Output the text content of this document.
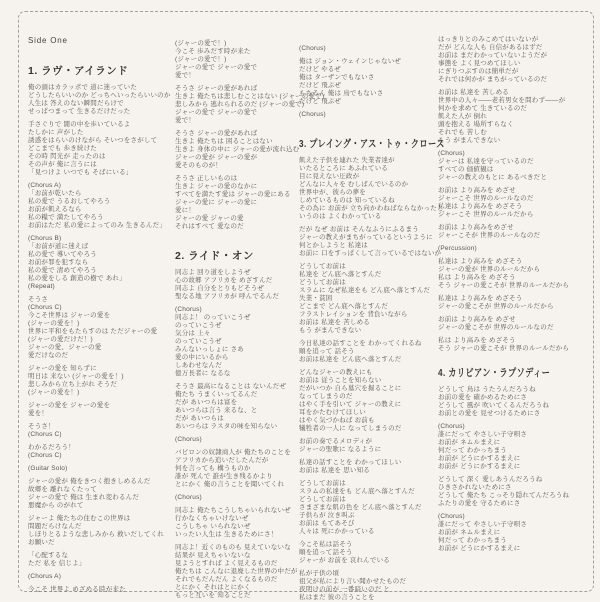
Side One
1. ラヴ・アイランド
俺の頭はカラッポで 道に迷っていた
どうしたらいいのか どっちへいったらいいのか
人生は 答えのない瞬間だらけで
せっぱつまって 生きるだけだった
手さぐりで 闇の中を歩いているよ
たしかに 声がした
誘惑をはらいのけながら そいつをさがして
どこまでも 歩き続けた
その時 閃光が 走ったのは
その声が 俺に言うには
「見つけよ いつでも そばにいる」
(Chorus A)
「お前が乾いたら
私の愛で うるおしてやろう
お前が飢えるなら
私の糧で 満たしてやろう
お前はただ 私の愛によってのみ 生きるんだ」
(Chorus B)
「お前が道に迷えば
私の愛で 導いてやろう
お前が罪を犯すなら
私の愛で 清めてやろう
私の愛をしる 創造の樹で あれ」
(Repeat)
そうさ
(Chorus C)
今こそ世界は ジャーの愛を
(ジャーの愛を！)
世界に平和をもたらすのは ただジャーの愛
(ジャーの愛だけだ！)
ジャーの愛、ジャーの愛
愛だけなのだ
ジャーの愛を 知らずに
明日は 来ない (ジャーの愛を！)
悲しみから立ち上がれ そうだ
(ジャーの愛を！)
ジャーの愛を ジャーの愛を
愛を！
そうさ！
(Chorus C)
わかるだろう！
(Chorus C)
(Guitar Solo)
ジャーの愛が 俺をきつく抱きしめるんだ
故郷を 離れなくたって
ジャーの愛で 俺は 生まれ変わるんだ
悪魔から のがれて
ジャーよ 俺たちの住むこの世界は
問題だらけなんだ
しぼりとるような悲しみから 救いだしてくれ
お願いだ
「心配するな
ただ 私を 信じよ」
(Chorus A)
今こそ 世界よ めざめる時が来た
(ジャーの愛で！)
今こそ 歩みだす時が来た
(ジャーの愛で！)
ジャーの愛で ジャーの愛で
愛で！
そうさ ジャーの愛があれば
生きよ 俺たちは悲しむことはない (ジャーの愛で)
悲しみから 逃れられるのだ (ジャーの愛で)
ジャーの愛で ジャーの愛で
愛で！
そうさ ジャーの愛があれば
生きよ 俺たちは 困ることはない
生きよ 身体の中に ジャーの愛が流れ込む
ジャーの愛が ジャーの愛が
愛そのものが！
そうさ 正しいものは
生きよ ジャーの愛のなかに
すべてを満たす愛は ジャーの愛にある
ジャーの愛に ジャーの愛に
愛に！
ジャーの愛 ジャーの愛
それはすべて 愛なのだ
2. ライド・オン
同志よ 回り道をしようぜ
心の故郷 アフリカを めざすんだ
同志よ 自分をとりもどそうぜ
聖なる地 アフリカが 呼んでるんだ
(Chorus)
同志よ！ のっていこうぜ
のっていこうぜ
気分は 上々
のっていこうぜ
みんないっしょに さあ
愛の中にいるから
しあわせなんだ
億万長者に なるな
そうさ 最高になることは ないんだぜ
俺たち うまくいってるんだ
だが あいつらは富を
あいつらは言う 来るな、と
だが あいつらは
あいつらは ラスタの味を知らない
(Chorus)
バビロンの奴隷商人が 俺たちのことを
アフリカから追いだしたんだが
何を言っても 構うものか
誰が 死んで 誰が生き残るかより
とにかく 俺の言うことを聞いてくれ
(Chorus)
同志よ 俺たちこうしちゃいられないぜ
行かなくちゃいけないぜ
こうしちゃ いられないぜ
いったい人生は 生きるためにさ！
同志よ！近くのものも 見えていないな
結果が 見えちゃいないな
見ようとすれば よく見えるものだ
俺たちは こんなに退廃した世界の中だが
それでもだんだん よくなるものだ
とにかく それはとにかく
もっと互いを 知ることだ
(Chorus)
俺は ジョン・ウェインじゃないぜ
だけど やるぜ
俺は ターザンでもないさ
だけど 飛ぶぜ
もちろん 俺は 鳥でもないさ
だけど 飛ぶぜ
(Chorus)
3. プレイング・アス・トゥ・クロース
飢えた子供を連れた 失業者達が
いたるところに あふれている
目に見えない圧政が
どんなに人々を むしばんでいるのか
世界中が、彼らの夢を
しめているものは 知っているね
その為に お前が 立ち向かわねばならなかったと
いうのは よくわかっている
だが なぜ お前は そんなふうにふるまう
ジャーの教えがまちがっているというように
何とかしようと 私達は
お前に 口をすっぱくして言っているではないか
どうしてお前は
私達を どん底へ落とすんだ
どうしてお前は
スラムに なぜ私達をも どん底へ落とすんだ
失業・貧困
どこまで どん底へ落とすんだ
フラストレイションを 背負いながら
お前は 私達を 苦しめる
もう がまんできない
今日私達の話すことを わかってくれるね
順を追って 話そう
お前は私達を どん底へ落とすんだ
どんなジャーの教えにも
お前は 従うことを知らない
だがいつか 自ら墓穴を掘ることに
なってしまうのだ
はやく手を引いて ジャーの教えに
耳をかたむけてほしい
はやく気づかねば お前も
犠牲者の一人に なってしまうのだ
お前の奏でるメロディが
ジャーの聖歌に なるように
私達の話すことを わかってほしい
お前は 私達を 思い知る
どうしてお前は
スラムの私達をも どん底へ落とすんだ
どうしてお前は
さまざまな肌の色を どん底へ落とすんだ
子供らが 泣き叫ぶ
お前は もてあそび
人々は 死にかかっている
今こそ私は話そう
順を追って話そう
ジャーが お前を 哀れんでいる
私が子供の頃
祖父が私により言い聞かせたものだ
夜明けの前が 一番暗いのだ と
私はまだ 彼の言うことを
はっきりとのみこめてはいないが
だが どんな人も 自信があるはずだ
お前は まだわかっていないようだが
事態を よく見つめてほしい
にぎりつぶすのは簡単だが
それでは何かが まちがっているのだ
お前は 私達を 苦しめる
世界中の人々――老若男女を問わず――が
何かを求めて 生きているのだ
飢えた人が 倒れ
頭を抱える 場所すらなく
それでも 苦しむ
もう がまんできない
(Chorus)
ジャーは 私達を守っているのだ
すべての 価値観は
ジャーの教えのもとに あるべきだと
お前は より高みを めざせ
ジャーこそ 世界のルールなのだ
私達は より高みを めざそう
ジャーこそ 世界のルールだから
お前は より高みをめざせ
ジャーこそが 世界のルールなのだ
(Percussion)
私達は より高みを めざそう
ジャーの愛が 世界のルールだから
私は より高みを めざそう
そう ジャーの愛こそが 世界のルールだから
私達は より高みを めざそう
ジャーの愛こそが 世界のルールだから
お前は より高みを めざせ
ジャーの愛こそが 世界のルールなのだ
私は より高みを めざそう
そう ジャーの愛こそが 世界のルールだから
4. カリビアン・ラプソディー
どうして 鳥は うたうんだろうね
お前の愛を 確かめるためにさ
どうして 風が 吹いてくるんだろうね
お前との愛を 見せつけるためにさ
(Chorus)
誰にだって やさしい子守唄さ
お前が ネムルまえに
何だって わかっちまう
お前が どうにかするまえに
お前が どうにかするまえに
どうして 深く 愛しあうんだろうね
ひきさかれないためにさ
どうして 俺たち こっそり隠れてんだろうね
ふたりの愛を 守るためにさ
(Chorus)
誰にだって やさしい子守唄さ
お前が ネムルまえに
何だって わかっちまう
お前が どうにかするまえに
